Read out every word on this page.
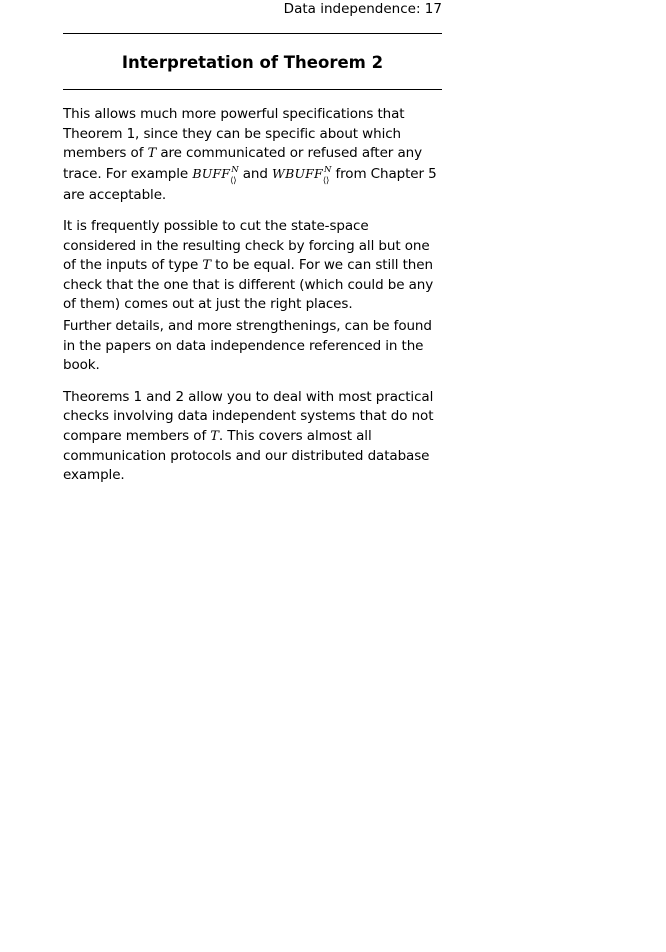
Data independence: 17
Interpretation of Theorem 2

This allows much more powerful specifications that Theorem 1, since they can be specific about which members of T are communicated or refused after any trace. For example $BUFF^N$
⟨⟩ and $WBUFF^N$
⟨⟩ from Chapter 5 are acceptable.

It is frequently possible to cut the state-space considered in the resulting check by forcing all but one of the inputs of type T to be equal. For we can still then check that the one that is different (which could be any of them) comes out at just the right places.

Further details, and more strengthenings, can be found in the papers on data independence referenced in the book.

Theorems 1 and 2 allow you to deal with most practical checks involving data independent systems that do not compare members of T. This covers almost all communication protocols and our distributed database example.
